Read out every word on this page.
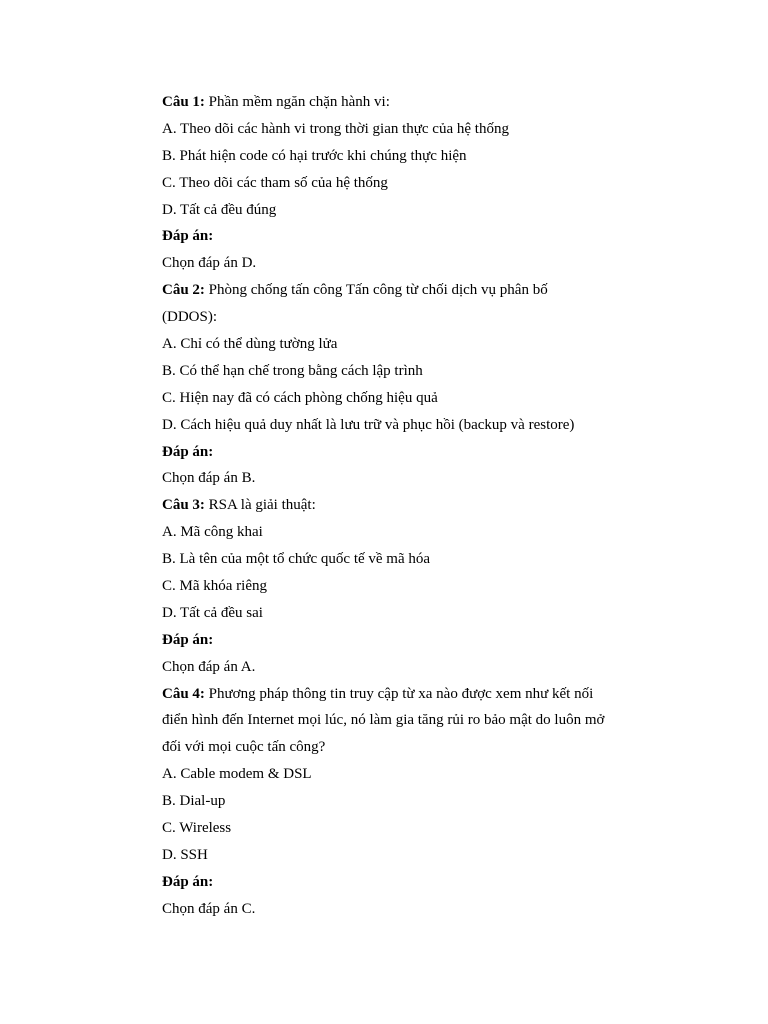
Câu 1: Phần mềm ngăn chặn hành vi:
A. Theo dõi các hành vi trong thời gian thực của hệ thống
B. Phát hiện code có hại trước khi chúng thực hiện
C. Theo dõi các tham số của hệ thống
D. Tất cả đều đúng
Đáp án:
Chọn đáp án D.
Câu 2: Phòng chống tấn công Tấn công từ chối dịch vụ phân bố
(DDOS):
A. Chỉ có thể dùng tường lửa
B. Có thể hạn chế trong bằng cách lập trình
C. Hiện nay đã có cách phòng chống hiệu quả
D. Cách hiệu quả duy nhất là lưu trữ và phục hồi (backup và restore)
Đáp án:
Chọn đáp án B.
Câu 3: RSA là giải thuật:
A. Mã công khai
B. Là tên của một tổ chức quốc tế về mã hóa
C. Mã khóa riêng
D. Tất cả đều sai
Đáp án:
Chọn đáp án A.
Câu 4: Phương pháp thông tin truy cập từ xa nào được xem như kết nối
điển hình đến Internet mọi lúc, nó làm gia tăng rủi ro bảo mật do luôn mở
đối với mọi cuộc tấn công?
A. Cable modem & DSL
B. Dial-up
C. Wireless
D. SSH
Đáp án:
Chọn đáp án C.
